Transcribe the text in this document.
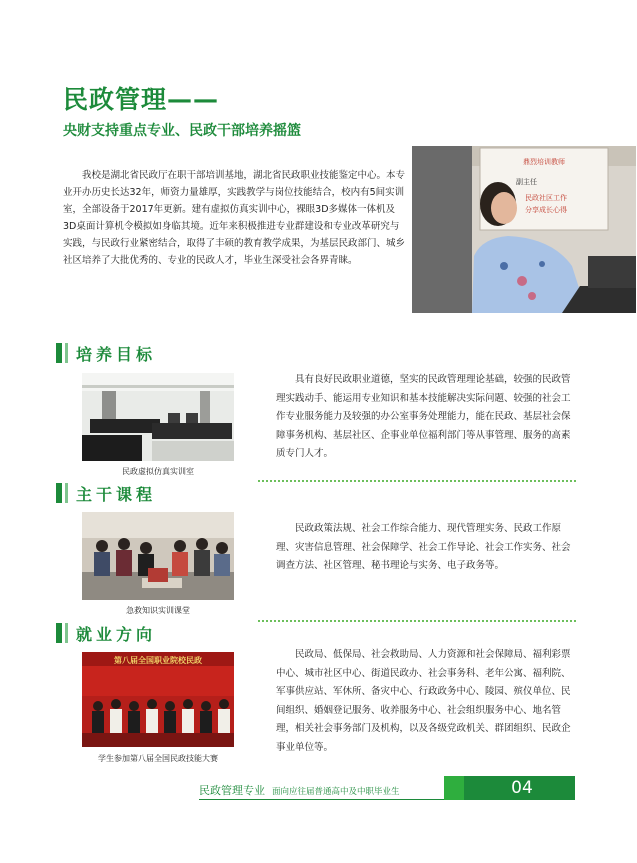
民政管理——
央财支持重点专业、民政干部培养摇篮
我校是湖北省民政厅在职干部培训基地，湖北省民政职业技能鉴定中心。本专业开办历史长达32年，师资力量雄厚，实践教学与岗位技能结合，校内有5间实训室，全部设备于2017年更新。建有虚拟仿真实训中心，裸眼3D多媒体一体机及3D桌面计算机令模拟如身临其境。近年来积极推进专业群建设和专业改革研究与实践，与民政行业紧密结合，取得了丰硕的教育教学成果，为基层民政部门、城乡社区培养了大批优秀的、专业的民政人才，毕业生深受社会各界青睐。
鼎烈培训教师
副主任
民政社区工作
分享成长心得
培养目标
民政虚拟仿真实训室
具有良好民政职业道德，坚实的民政管理理论基础，较强的民政管理实践动手、能运用专业知识和基本技能解决实际问题、较强的社会工作专业服务能力及较强的办公室事务处理能力，能在民政、基层社会保障事务机构、基层社区、企事业单位福利部门等从事管理、服务的高素质专门人才。
主干课程
急救知识实训课堂
民政政策法规、社会工作综合能力、现代管理实务、民政工作原理、灾害信息管理、社会保障学、社会工作导论、社会工作实务、社会调查方法、社区管理、秘书理论与实务、电子政务等。
就业方向
第八届全国职业院校民政
学生参加第八届全国民政技能大赛
民政局、低保局、社会救助局、人力资源和社会保障局、福利彩票中心、城市社区中心、街道民政办、社会事务科、老年公寓、福利院、军事供应站、军休所、备灾中心、行政政务中心、陵园、殡仪单位、民间组织、婚姻登记服务、收养服务中心、社会组织服务中心、地名管理，相关社会事务部门及机构，以及各级党政机关、群团组织、民政企事业单位等。
民政管理专业 面向应往届普通高中及中职毕业生	04
